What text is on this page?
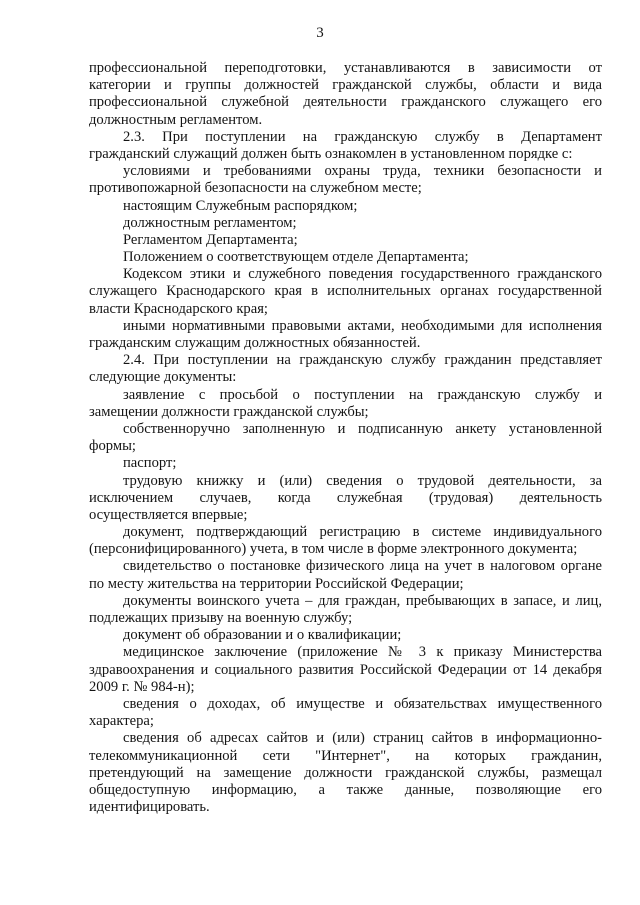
3
профессиональной переподготовки, устанавливаются в зависимости от
категории и группы должностей гражданской службы, области и вида
профессиональной служебной деятельности гражданского служащего его
должностным регламентом.
2.3. При поступлении на гражданскую службу в Департамент
гражданский служащий должен быть ознакомлен в установленном порядке с:
условиями и требованиями охраны труда, техники безопасности и
противопожарной безопасности на служебном месте;
настоящим Служебным распорядком;
должностным регламентом;
Регламентом Департамента;
Положением о соответствующем отделе Департамента;
Кодексом этики и служебного поведения государственного гражданского
служащего Краснодарского края в исполнительных органах государственной
власти Краснодарского края;
иными нормативными правовыми актами, необходимыми для исполнения
гражданским служащим должностных обязанностей.
2.4. При поступлении на гражданскую службу гражданин представляет
следующие документы:
заявление с просьбой о поступлении на гражданскую службу и
замещении должности гражданской службы;
собственноручно заполненную и подписанную анкету установленной
формы;
паспорт;
трудовую книжку и (или) сведения о трудовой деятельности, за
исключением случаев, когда служебная (трудовая) деятельность
осуществляется впервые;
документ, подтверждающий регистрацию в системе индивидуального
(персонифицированного) учета, в том числе в форме электронного документа;
свидетельство о постановке физического лица на учет в налоговом органе
по месту жительства на территории Российской Федерации;
документы воинского учета – для граждан, пребывающих в запасе, и лиц,
подлежащих призыву на военную службу;
документ об образовании и о квалификации;
медицинское заключение (приложение № 3 к приказу Министерства
здравоохранения и социального развития Российской Федерации от 14 декабря
2009 г. № 984-н);
сведения о доходах, об имуществе и обязательствах имущественного
характера;
сведения об адресах сайтов и (или) страниц сайтов в информационно-
телекоммуникационной сети "Интернет", на которых гражданин,
претендующий на замещение должности гражданской службы, размещал
общедоступную информацию, а также данные, позволяющие его
идентифицировать.
